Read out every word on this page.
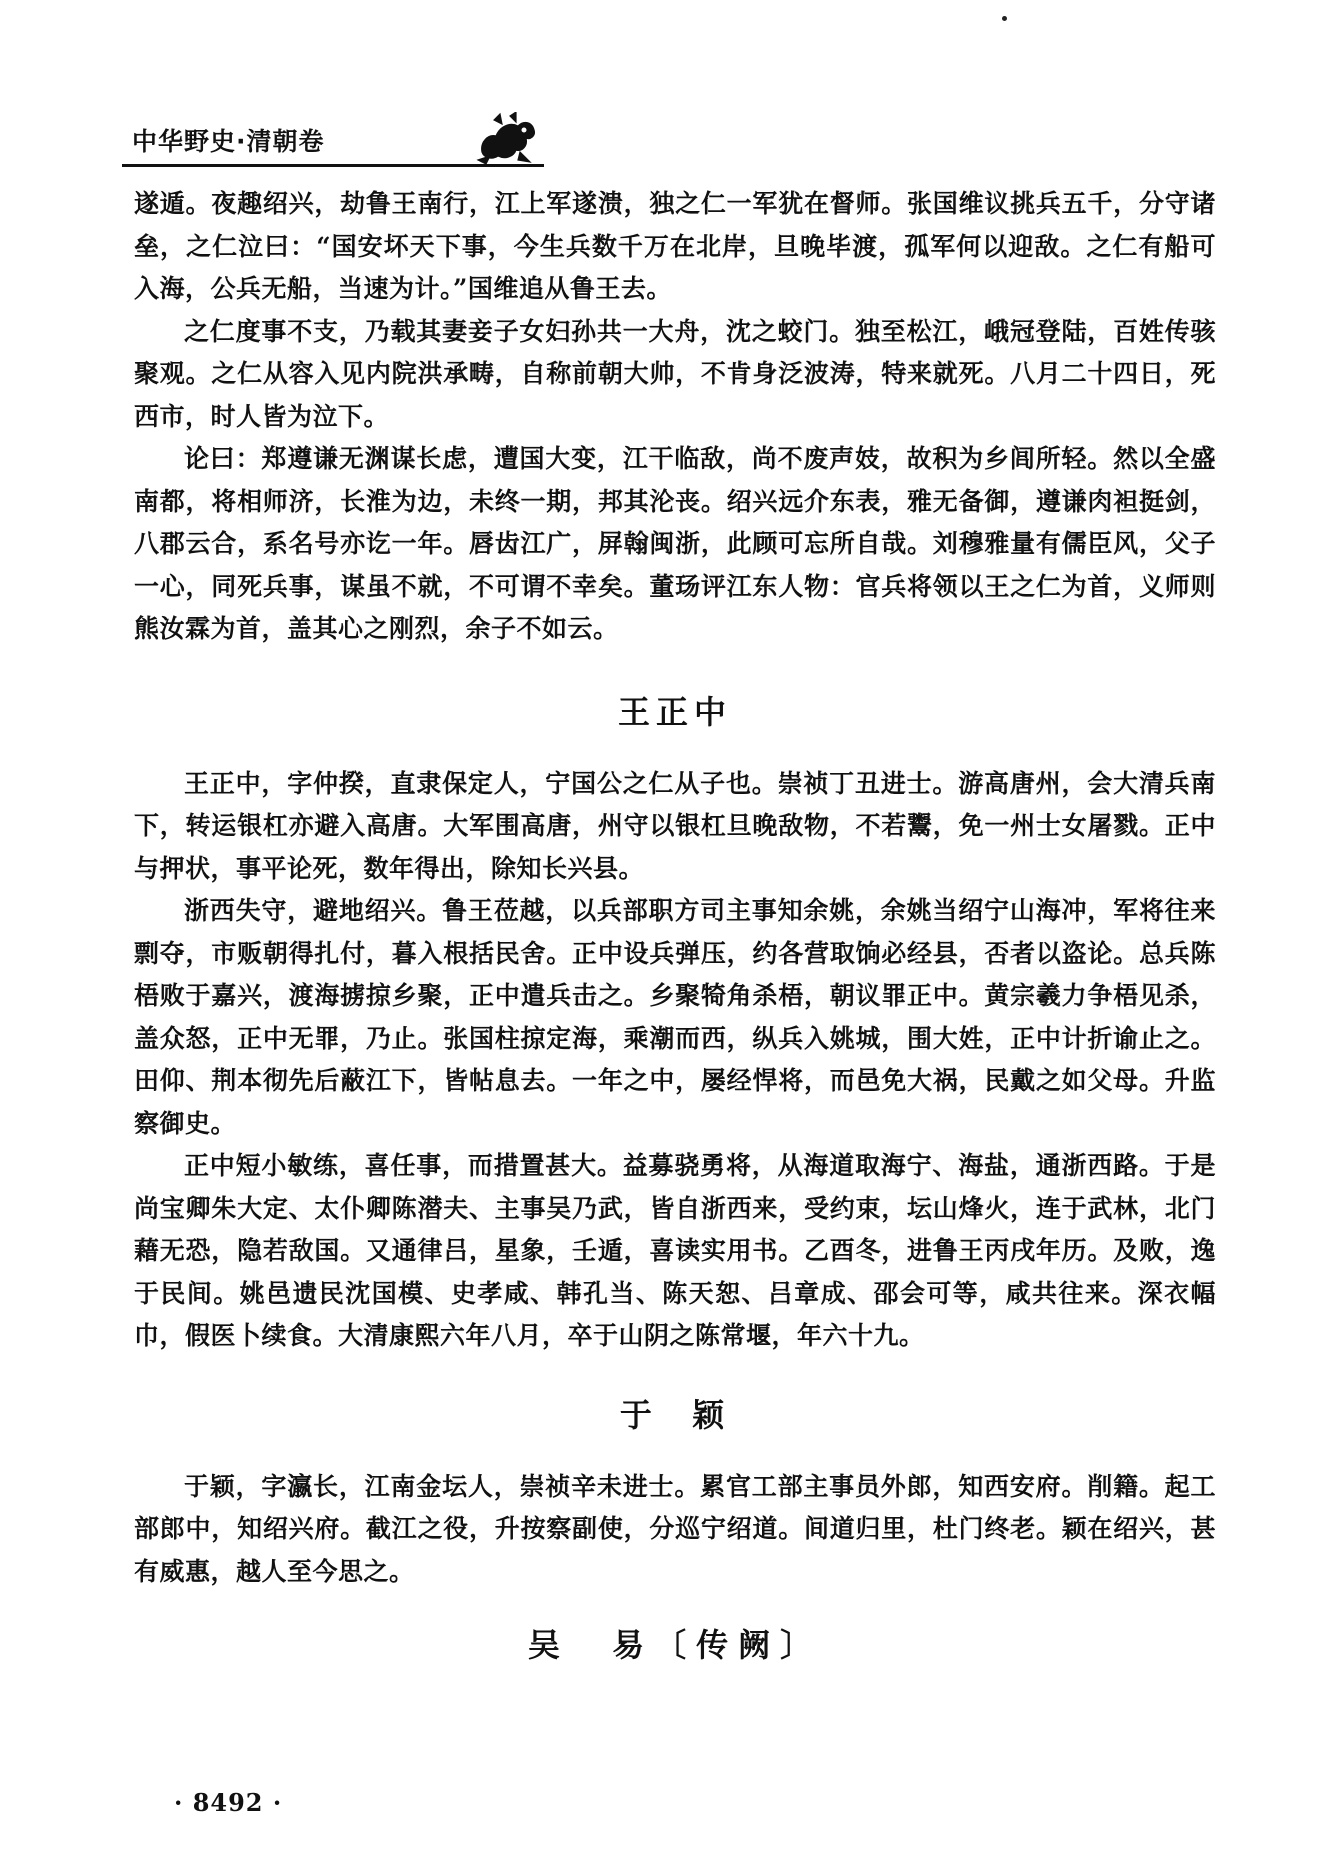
中华野史·清朝卷

遂遁。夜趣绍兴，劫鲁王南行，江上军遂溃，独之仁一军犹在督师。张国维议挑兵五千，分守诸垒，之仁泣曰：“国安坏天下事，今生兵数千万在北岸，旦晚毕渡，孤军何以迎敌。之仁有船可入海，公兵无船，当速为计。”国维追从鲁王去。

之仁度事不支，乃载其妻妾子女妇孙共一大舟，沈之蛟门。独至松江，峨冠登陆，百姓传骇聚观。之仁从容入见内院洪承畴，自称前朝大帅，不肯身泛波涛，特来就死。八月二十四日，死西市，时人皆为泣下。

论曰：郑遵谦无渊谋长虑，遭国大变，江干临敌，尚不废声妓，故积为乡闾所轻。然以全盛南都，将相师济，长淮为边，未终一期，邦其沦丧。绍兴远介东表，雅无备御，遵谦肉袒挺剑，八郡云合，系名号亦讫一年。唇齿江广，屏翰闽浙，此顾可忘所自哉。刘穆雅量有儒臣风，父子一心，同死兵事，谋虽不就，不可谓不幸矣。董玚评江东人物：官兵将领以王之仁为首，义师则熊汝霖为首，盖其心之刚烈，余子不如云。

王正中

王正中，字仲揆，直隶保定人，宁国公之仁从子也。崇祯丁丑进士。游高唐州，会大清兵南下，转运银杠亦避入高唐。大军围高唐，州守以银杠旦晚敌物，不若鬻，免一州士女屠戮。正中与押状，事平论死，数年得出，除知长兴县。

浙西失守，避地绍兴。鲁王莅越，以兵部职方司主事知余姚，余姚当绍宁山海冲，军将往来剽夺，市贩朝得扎付，暮入根括民舍。正中设兵弹压，约各营取饷必经县，否者以盗论。总兵陈梧败于嘉兴，渡海掳掠乡聚，正中遣兵击之。乡聚犄角杀梧，朝议罪正中。黄宗羲力争梧见杀，盖众怒，正中无罪，乃止。张国柱掠定海，乘潮而西，纵兵入姚城，围大姓，正中计折谕止之。田仰、荆本彻先后蔽江下，皆帖息去。一年之中，屡经悍将，而邑免大祸，民戴之如父母。升监察御史。

正中短小敏练，喜任事，而措置甚大。益募骁勇将，从海道取海宁、海盐，通浙西路。于是尚宝卿朱大定、太仆卿陈潜夫、主事吴乃武，皆自浙西来，受约束，坛山烽火，连于武林，北门藉无恐，隐若敌国。又通律吕，星象，壬遁，喜读实用书。乙酉冬，进鲁王丙戌年历。及败，逸于民间。姚邑遗民沈国模、史孝咸、韩孔当、陈天恕、吕章成、邵会可等，咸共往来。深衣幅巾，假医卜续食。大清康熙六年八月，卒于山阴之陈常堰，年六十九。

于  颖

于颖，字瀛长，江南金坛人，崇祯辛未进士。累官工部主事员外郎，知西安府。削籍。起工部郎中，知绍兴府。截江之役，升按察副使，分巡宁绍道。间道归里，杜门终老。颖在绍兴，甚有威惠，越人至今思之。

吴  易〔传阙〕
· 8492 ·
